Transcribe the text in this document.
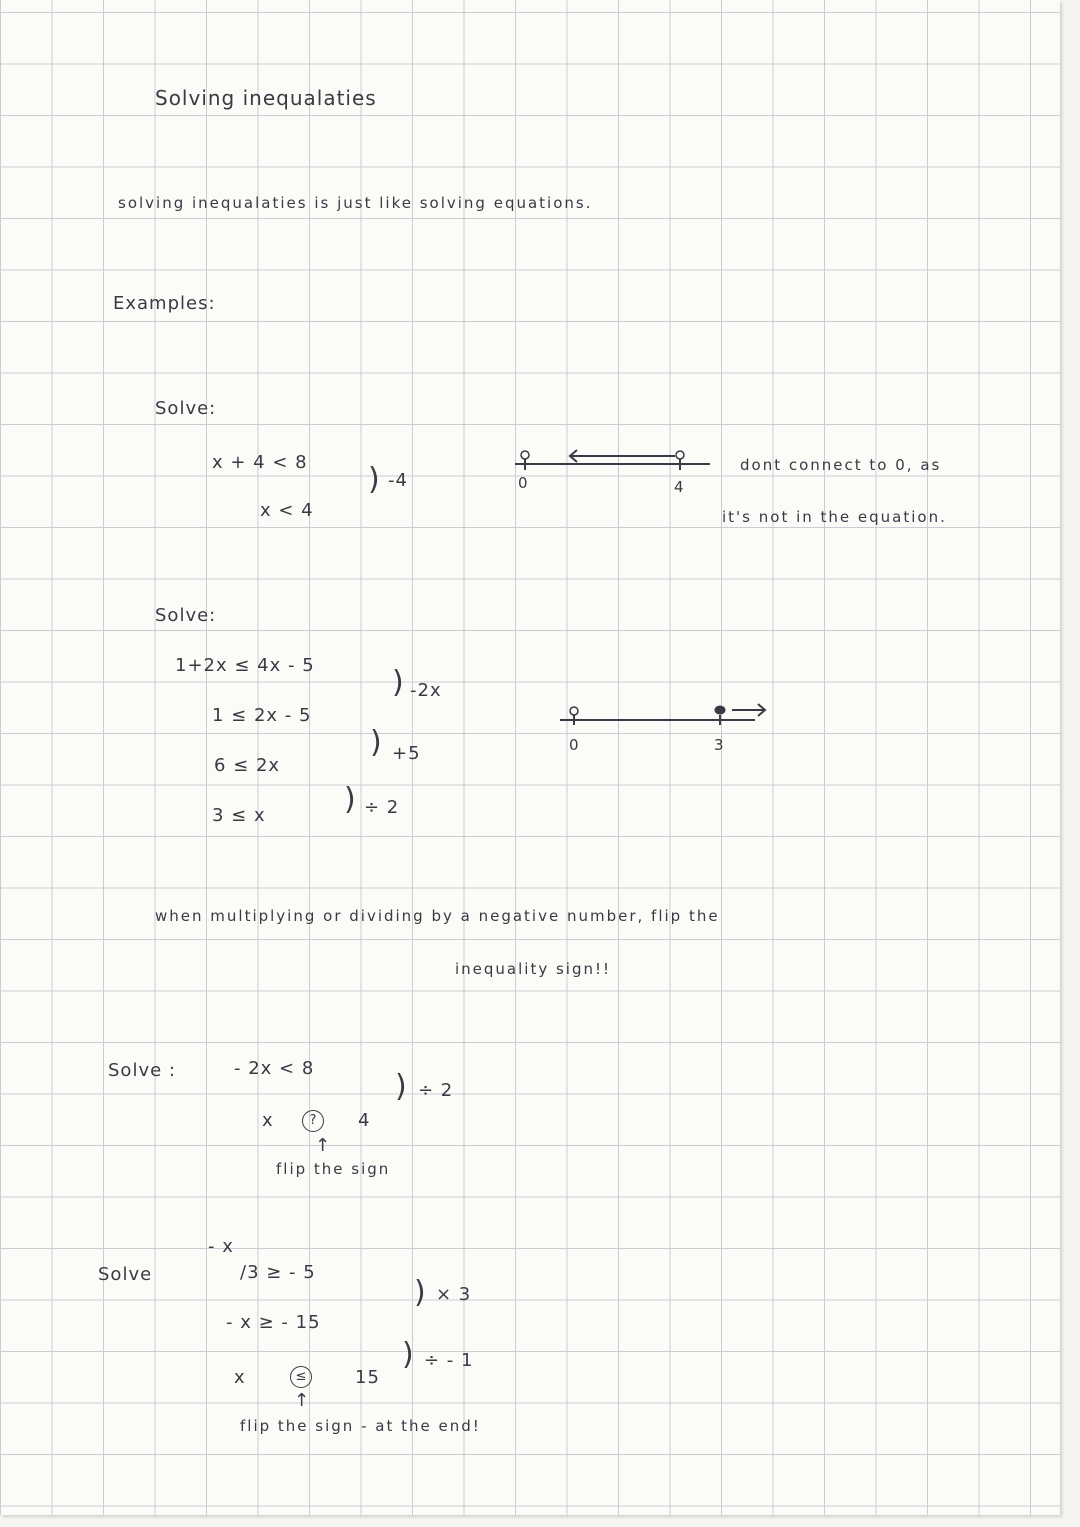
Solving inequalaties
solving inequalaties is just like solving equations.
Examples:
Solve:
x + 4 < 8 ) -4
x < 4
0	4
dont connect to 0, as
it's not in the equation.
Solve:
1+2x ≤ 4x - 5	) -2x
1 ≤ 2x - 5
) +5
6 ≤ 2x
) ÷ 2
3 ≤ x
0	3
when multiplying or dividing by a negative number, flip the
inequality sign!!
Solve :	- 2x < 8
) ÷ 2
x	?	4
↑
flip the sign
Solve
- x
/3 ≥ - 5
) × 3
- x ≥ - 15
) ÷ - 1
x	≤	15
↑
flip the sign - at the end!
